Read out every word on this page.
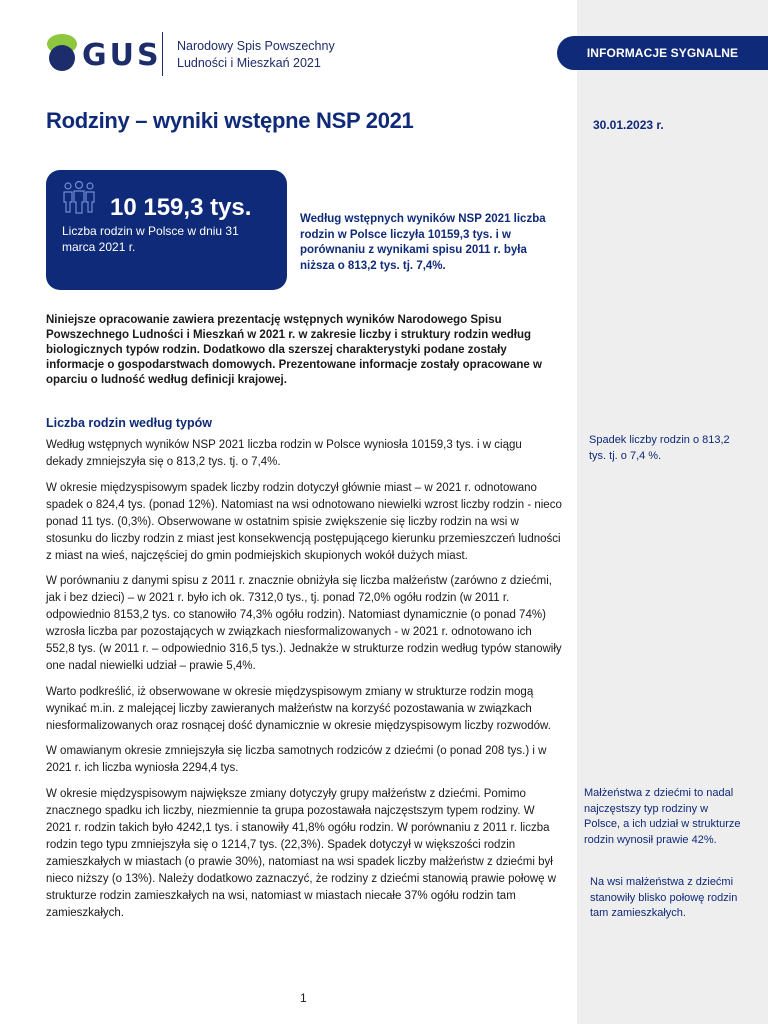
INFORMACJE SYGNALNE
GUS Narodowy Spis Powszechny
Ludności i Mieszkań 2021
Rodziny – wyniki wstępne NSP 2021	30.01.2023 r.
10 159,3 tys.
Liczba rodzin w Polsce w dniu 31 marca 2021 r.
Według wstępnych wyników NSP 2021 liczba rodzin w Polsce liczyła 10159,3 tys. i w porównaniu z wynikami spisu 2011 r. była niższa o 813,2 tys. tj. 7,4%.
Niniejsze opracowanie zawiera prezentację wstępnych wyników Narodowego Spisu Powszechnego Ludności i Mieszkań w 2021 r. w zakresie liczby i struktury rodzin według biologicznych typów rodzin. Dodatkowo dla szerszej charakterystyki podane zostały informacje o gospodarstwach domowych. Prezentowane informacje zostały opracowane w oparciu o ludność według definicji krajowej.
Liczba rodzin według typów

Według wstępnych wyników NSP 2021 liczba rodzin w Polsce wyniosła 10159,3 tys. i w ciągu dekady zmniejszyła się o 813,2 tys. tj. o 7,4%.

W okresie międzyspisowym spadek liczby rodzin dotyczył głównie miast – w 2021 r. odnotowano spadek o 824,4 tys. (ponad 12%). Natomiast na wsi odnotowano niewielki wzrost liczby rodzin - nieco ponad 11 tys. (0,3%). Obserwowane w ostatnim spisie zwiększenie się liczby rodzin na wsi w stosunku do liczby rodzin z miast jest konsekwencją postępującego kierunku przemieszczeń ludności z miast na wieś, najczęściej do gmin podmiejskich skupionych wokół dużych miast.

W porównaniu z danymi spisu z 2011 r. znacznie obniżyła się liczba małżeństw (zarówno z dziećmi, jak i bez dzieci) – w 2021 r. było ich ok. 7312,0 tys., tj. ponad 72,0% ogółu rodzin (w 2011 r. odpowiednio 8153,2 tys. co stanowiło 74,3% ogółu rodzin). Natomiast dynamicznie (o ponad 74%) wzrosła liczba par pozostających w związkach niesformalizowanych - w 2021 r. odnotowano ich 552,8 tys. (w 2011 r. – odpowiednio 316,5 tys.). Jednakże w strukturze rodzin według typów stanowiły one nadal niewielki udział – prawie 5,4%.

Warto podkreślić, iż obserwowane w okresie międzyspisowym zmiany w strukturze rodzin mogą wynikać m.in. z malejącej liczby zawieranych małżeństw na korzyść pozostawania w związkach niesformalizowanych oraz rosnącej dość dynamicznie w okresie międzyspisowym liczby rozwodów.

W omawianym okresie zmniejszyła się liczba samotnych rodziców z dziećmi (o ponad 208 tys.) i w 2021 r. ich liczba wyniosła 2294,4 tys.

W okresie międzyspisowym największe zmiany dotyczyły grupy małżeństw z dziećmi. Pomimo znacznego spadku ich liczby, niezmiennie ta grupa pozostawała najczęstszym typem rodziny. W 2021 r. rodzin takich było 4242,1 tys. i stanowiły 41,8% ogółu rodzin. W porównaniu z 2011 r. liczba rodzin tego typu zmniejszyła się o 1214,7 tys. (22,3%). Spadek dotyczył w większości rodzin zamieszkałych w miastach (o prawie 30%), natomiast na wsi spadek liczby małżeństw z dziećmi był nieco niższy (o 13%). Należy dodatkowo zaznaczyć, że rodziny z dziećmi stanowią prawie połowę w strukturze rodzin zamieszkałych na wsi, natomiast w miastach niecałe 37% ogółu rodzin tam zamieszkałych.

Spadek liczby rodzin o 813,2 tys. tj. o 7,4 %.
Małżeństwa z dziećmi to nadal najczęstszy typ rodziny w Polsce, a ich udział w strukturze rodzin wynosił prawie 42%.
Na wsi małżeństwa z dziećmi stanowiły blisko połowę rodzin tam zamieszkałych.
1
